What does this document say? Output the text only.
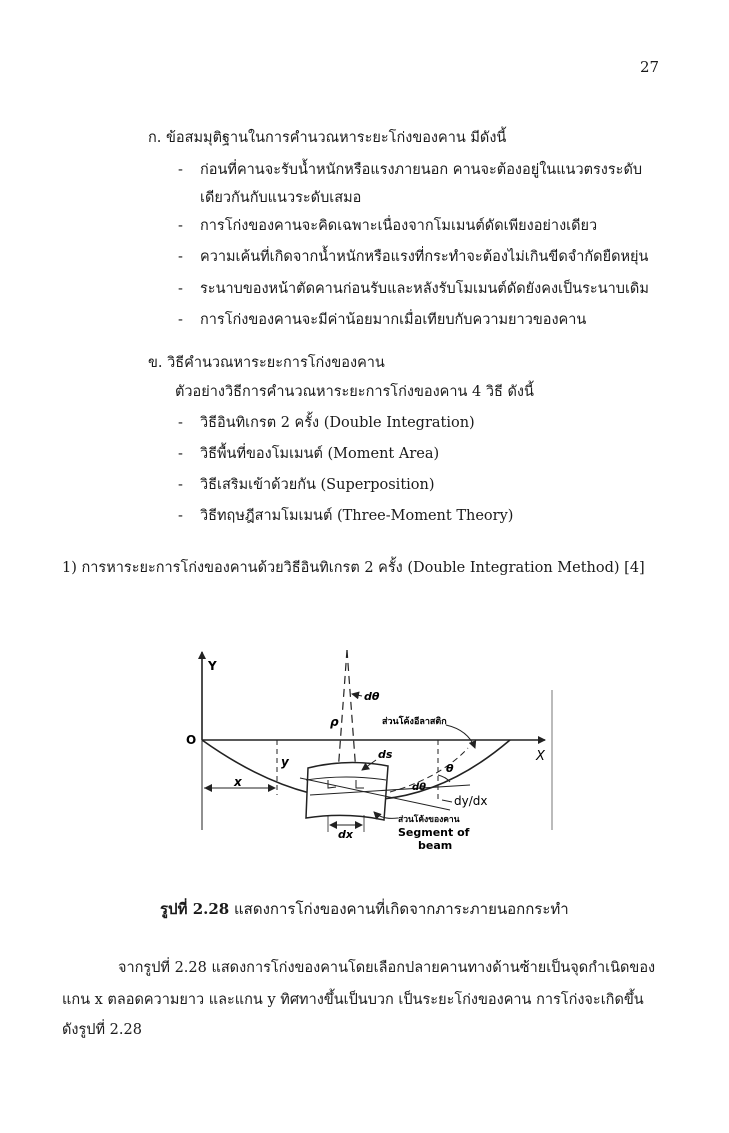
27
ก. ข้อสมมุติฐานในการคำนวณหาระยะโก่งของคาน มีดังนี้
- ก่อนที่คานจะรับน้ำหนักหรือแรงภายนอก คานจะต้องอยู่ในแนวตรงระดับ
เดียวกันกับแนวระดับเสมอ
- การโก่งของคานจะคิดเฉพาะเนื่องจากโมเมนต์ดัดเพียงอย่างเดียว
- ความเค้นที่เกิดจากน้ำหนักหรือแรงที่กระทำจะต้องไม่เกินขีดจำกัดยืดหยุ่น
- ระนาบของหน้าตัดคานก่อนรับและหลังรับโมเมนต์ดัดยังคงเป็นระนาบเดิม
- การโก่งของคานจะมีค่าน้อยมากเมื่อเทียบกับความยาวของคาน
ข. วิธีคำนวณหาระยะการโก่งของคาน
ตัวอย่างวิธีการคำนวณหาระยะการโก่งของคาน 4 วิธี ดังนี้
- วิธีอินทิเกรต 2 ครั้ง (Double Integration)
- วิธีพื้นที่ของโมเมนต์ (Moment Area)
- วิธีเสริมเข้าด้วยกัน (Superposition)
- วิธีทฤษฎีสามโมเมนต์ (Three-Moment Theory)
1) การหาระยะการโก่งของคานด้วยวิธีอินทิเกรต 2 ครั้ง (Double Integration Method) [4]
Y
X
O
dθ
ρ
ds
y
x
θ
dθ
dy/dx
dx
ส่วนโค้งอีลาสติก
ส่วนโค้งของคาน
Segment of
beam
รูปที่ 2.28 แสดงการโก่งของคานที่เกิดจากภาระภายนอกกระทำ
จากรูปที่ 2.28 แสดงการโก่งของคานโดยเลือกปลายคานทางด้านซ้ายเป็นจุดกำเนิดของ
แกน x ตลอดความยาว และแกน y ทิศทางขึ้นเป็นบวก เป็นระยะโก่งของคาน การโก่งจะเกิดขึ้น
ดังรูปที่ 2.28
